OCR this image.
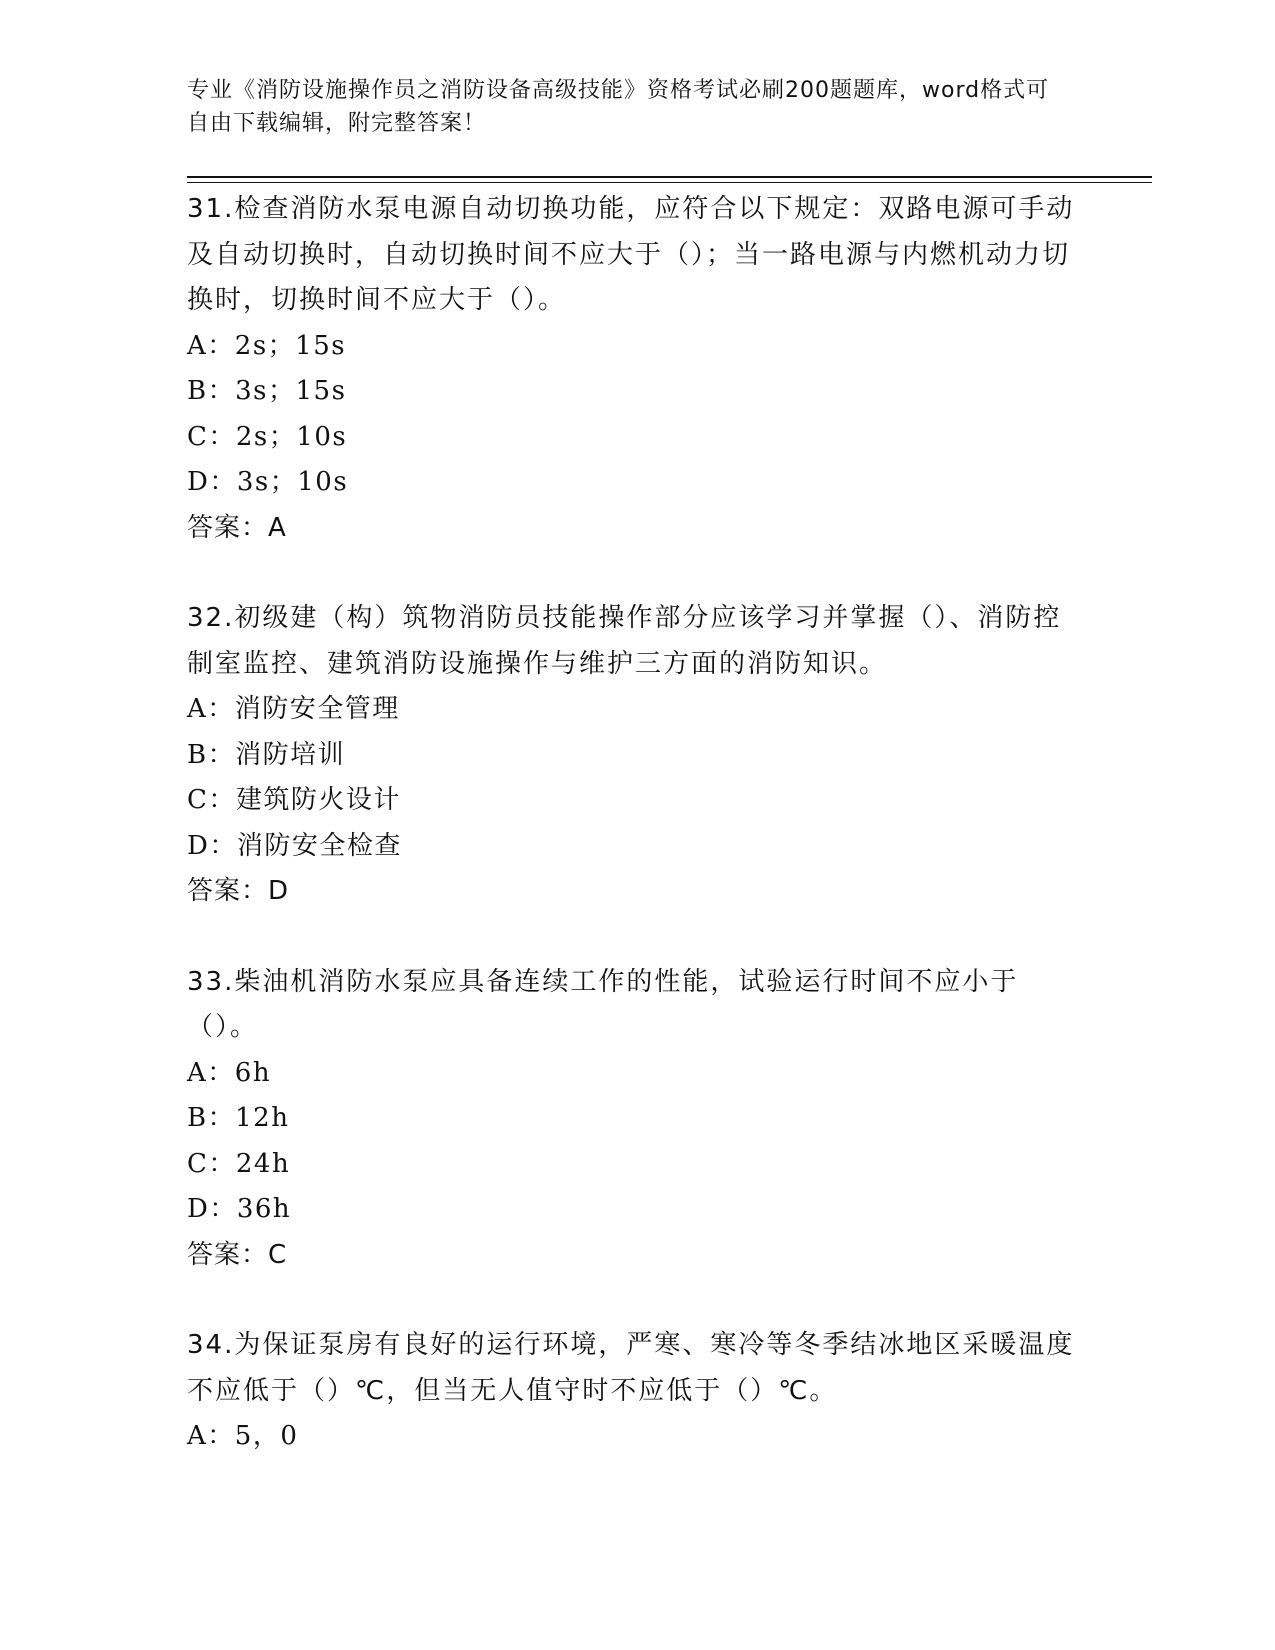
专业《消防设施操作员之消防设备高级技能》资格考试必刷200题题库，word格式可自由下载编辑，附完整答案！

31.检查消防水泵电源自动切换功能，应符合以下规定：双路电源可手动及自动切换时，自动切换时间不应大于（）；当一路电源与内燃机动力切换时，切换时间不应大于（）。

A：2s；15s

B：3s；15s

C：2s；10s

D：3s；10s

答案：A

32.初级建（构）筑物消防员技能操作部分应该学习并掌握（）、消防控制室监控、建筑消防设施操作与维护三方面的消防知识。

A：消防安全管理

B：消防培训

C：建筑防火设计

D：消防安全检查

答案：D

33.柴油机消防水泵应具备连续工作的性能，试验运行时间不应小于（）。

A：6h

B：12h

C：24h

D：36h

答案：C

34.为保证泵房有良好的运行环境，严寒、寒冷等冬季结冰地区采暖温度不应低于（）℃，但当无人值守时不应低于（）℃。

A：5，0
